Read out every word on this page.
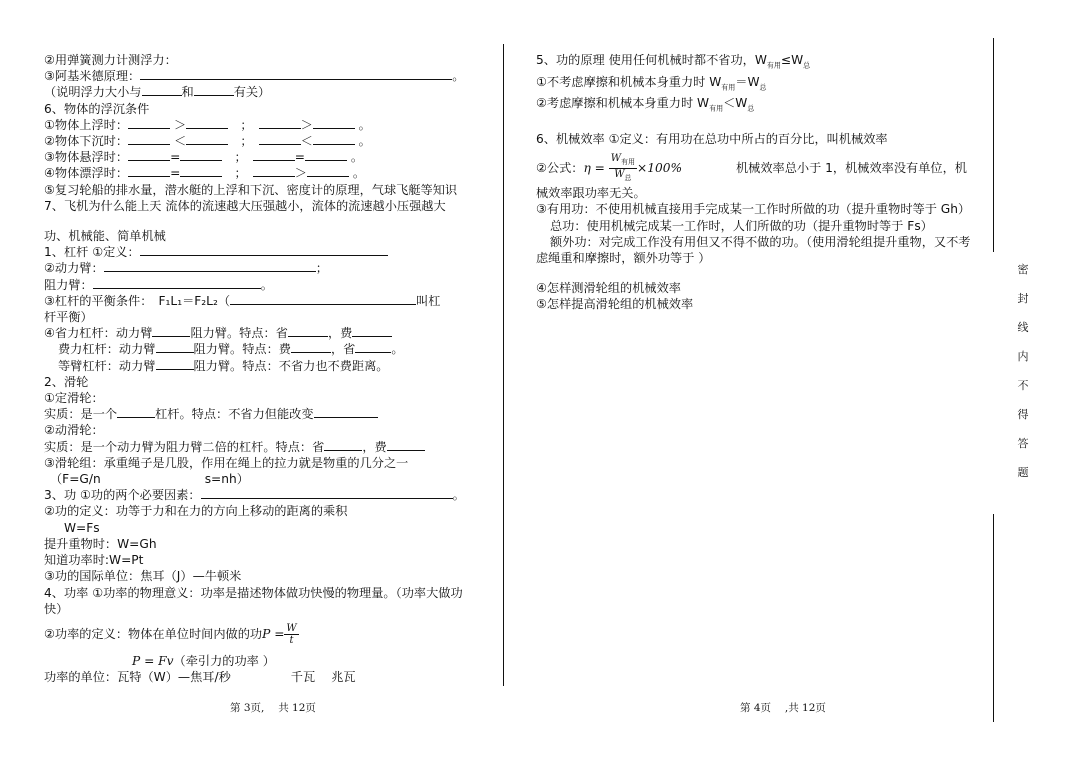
②用弹簧测力计测浮力：
③阿基米德原理：	。
（说明浮力大小与	和	有关）
6、物体的浮沉条件
①物体上浮时：	＞　	；　	＞	。
②物体下沉时：	＜　	；　	＜	。
③物体悬浮时：	=　	；　	=	。
④物体漂浮时：	=　	；　	＞	。
⑤复习轮船的排水量，潜水艇的上浮和下沉、密度计的原理，气球飞艇等知识
7、飞机为什么能上天 流体的流速越大压强越小，流体的流速越小压强越大
功、机械能、简单机械
1、杠杆 ①定义：
②动力臂：	；
阻力臂：	。
③杠杆的平衡条件：　 F₁L₁＝F₂L₂（	叫杠
杆平衡）
④省力杠杆：动力臂	阻力臂。特点：省	，费
费力杠杆：动力臂	阻力臂。特点：费	，省	。
等臂杠杆：动力臂	阻力臂。特点：不省力也不费距离。
2、滑轮
①定滑轮：
实质：是一个	杠杆。特点：不省力但能改变
②动滑轮：
实质：是一个动力臂为阻力臂二倍的杠杆。特点：省	，费
③滑轮组：承重绳子是几股，作用在绳上的拉力就是物重的几分之一
（F=G/n	s=nh）
3、功 ①功的两个必要因素：	。
②功的定义：功等于力和在力的方向上移动的距离的乘积
W=Fs
提升重物时：W=Gh
知道功率时:W=Pt
③功的国际单位：焦耳（J）—牛顿米
4、功率 ①功率的物理意义：功率是描述物体做功快慢的物理量。（功率大做功快）
②功率的定义：物体在单位时间内做的功$P = \frac{W}{t}$
P = Fv（牵引力的功率 ）
功率的单位：瓦特（W）—焦耳/秒	千瓦　 兆瓦
5、功的原理 使用任何机械时都不省功，$W_{有用}\le W_总$
①不考虑摩擦和机械本身重力时 $W_{有用}=W_总$
②考虑摩擦和机械本身重力时 $W_{有用}<W_总$
6、机械效率 ①定义：有用功在总功中所占的百分比，叫机械效率
②公式：$\eta = \frac{W_{有用}}{W_总} \times 100\%$	机械效率总小于 1，机械效率没有单位，机
械效率跟功率无关。
③有用功：不使用机械直接用手完成某一工作时所做的功（提升重物时等于 Gh）
总功：使用机械完成某一工作时，人们所做的功（提升重物时等于 Fs）
额外功：对完成工作没有用但又不得不做的功。（使用滑轮组提升重物，又不考虑绳重和摩擦时，额外功等于 ）
④怎样测滑轮组的机械效率
⑤怎样提高滑轮组的机械效率
密
封
线
内
不
得
答
题
第 3页,　 共 12页	第 4页　 ,共 12页
